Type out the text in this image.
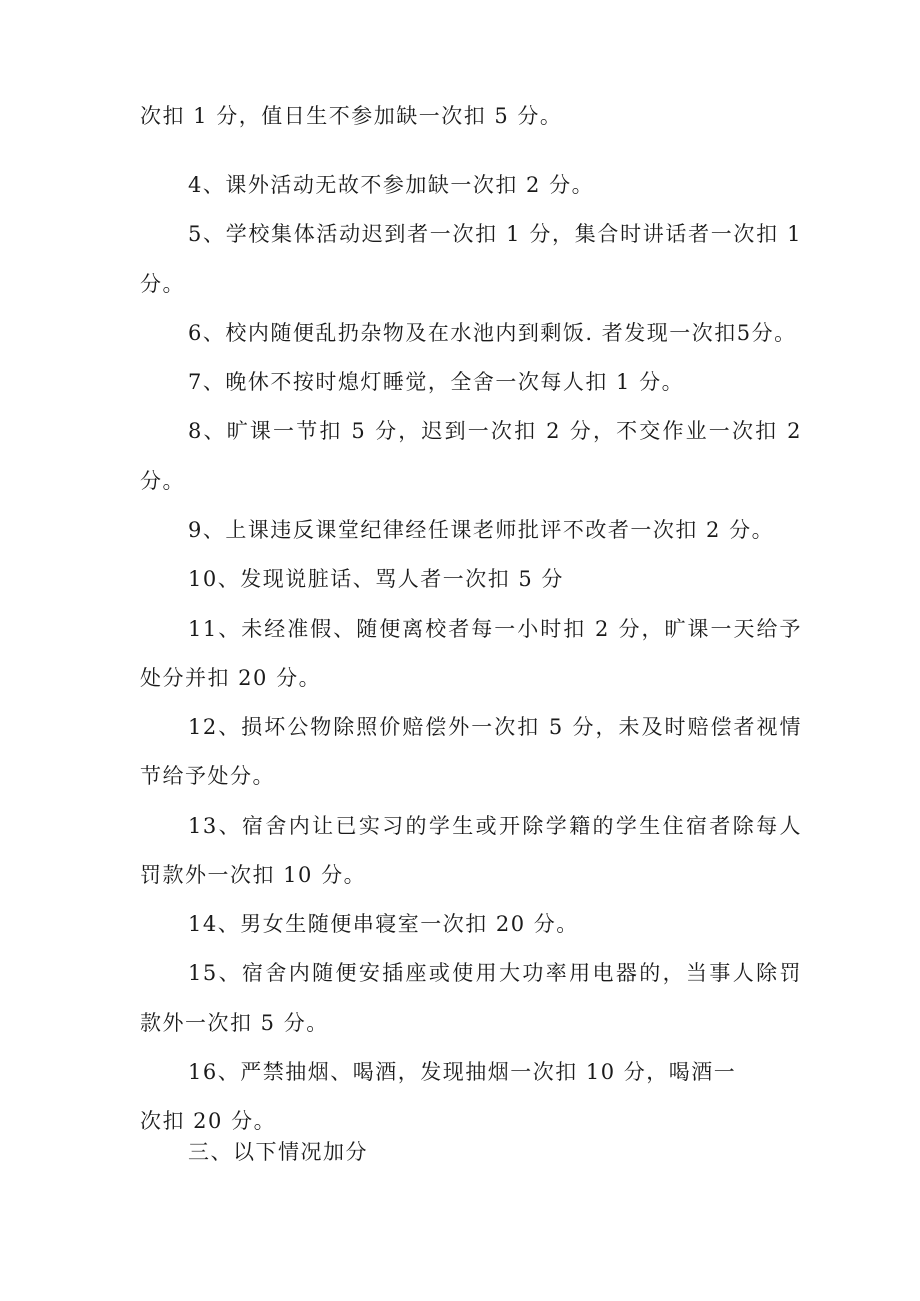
次扣 1 分，值日生不参加缺一次扣 5 分。
4、课外活动无故不参加缺一次扣 2 分。
5、学校集体活动迟到者一次扣 1 分，集合时讲话者一次扣 1
分。
6、校内随便乱扔杂物及在水池内到剩饭. 者发现一次扣5分。
7、晚休不按时熄灯睡觉，全舍一次每人扣 1 分。
8、旷课一节扣 5 分，迟到一次扣 2 分，不交作业一次扣 2
分。
9、上课违反课堂纪律经任课老师批评不改者一次扣 2 分。
10、发现说脏话、骂人者一次扣 5 分
11、未经准假、随便离校者每一小时扣 2 分，旷课一天给予
处分并扣 20 分。
12、损坏公物除照价赔偿外一次扣 5 分，未及时赔偿者视情
节给予处分。
13、宿舍内让已实习的学生或开除学籍的学生住宿者除每人
罚款外一次扣 10 分。
14、男女生随便串寝室一次扣 20 分。
15、宿舍内随便安插座或使用大功率用电器的，当事人除罚
款外一次扣 5 分。
16、严禁抽烟、喝酒，发现抽烟一次扣 10 分，喝酒一
次扣 20 分。
三、以下情况加分
